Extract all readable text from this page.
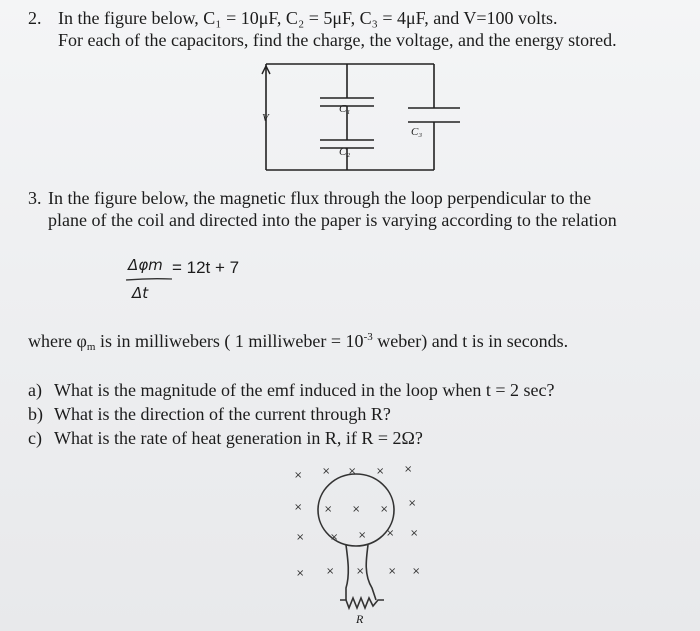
2. In the figure below, C₁ = 10μF, C₂ = 5μF, C₃ = 4μF, and V=100 volts.
For each of the capacitors, find the charge, the voltage, and the energy stored.
V
C₁
C₂
C₃
3. In the figure below, the magnetic flux through the loop perpendicular to the
plane of the coil and directed into the paper is varying according to the relation
Δφm = 12t + 7
Δt
where $\varphi_m$ is in milliwebers ( 1 milliweber = $10^{-3}$ weber) and t is in seconds.
a) What is the magnitude of the emf induced in the loop when t = 2 sec?
b) What is the direction of the current through R?
c) What is the rate of heat generation in R, if R = 2Ω?
× × × × ×
× × × ×
×
×	× × × ×
× × × × ×
R
